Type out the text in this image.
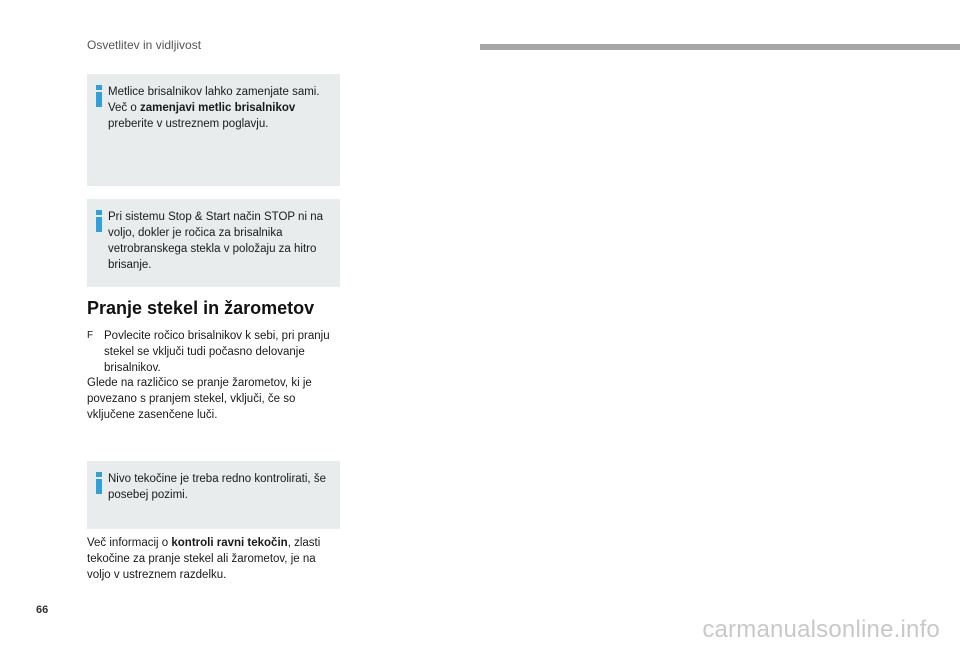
Osvetlitev in vidljivost
Metlice brisalnikov lahko zamenjate sami. Več o zamenjavi metlic brisalnikov preberite v ustreznem poglavju.
Pri sistemu Stop & Start način STOP ni na voljo, dokler je ročica za brisalnika vetrobranskega stekla v položaju za hitro brisanje.
Pranje stekel in žarometov
F Povlecite ročico brisalnikov k sebi, pri pranju stekel se vključi tudi počasno delovanje brisalnikov.
Glede na različico se pranje žarometov, ki je povezano s pranjem stekel, vključi, če so vključene zasenčene luči.
Nivo tekočine je treba redno kontrolirati, še posebej pozimi.
Več informacij o kontroli ravni tekočin, zlasti tekočine za pranje stekel ali žarometov, je na voljo v ustreznem razdelku.
66
carmanualsonline.info
